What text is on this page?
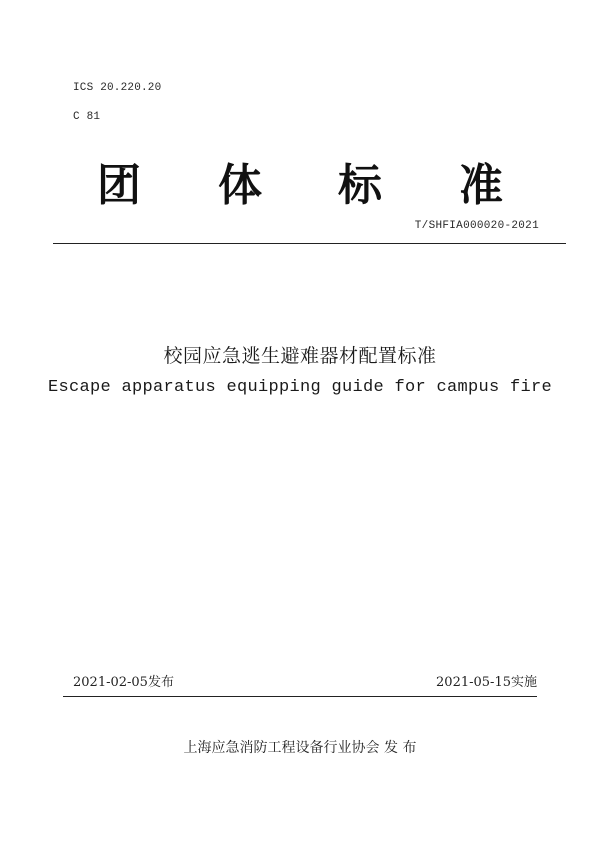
ICS 20.220.20
C 81
团 体 标 准
T/SHFIA000020-2021
校园应急逃生避难器材配置标准
Escape apparatus equipping guide for campus fire
2021-02-05发布	2021-05-15实施
上海应急消防工程设备行业协会 发 布
